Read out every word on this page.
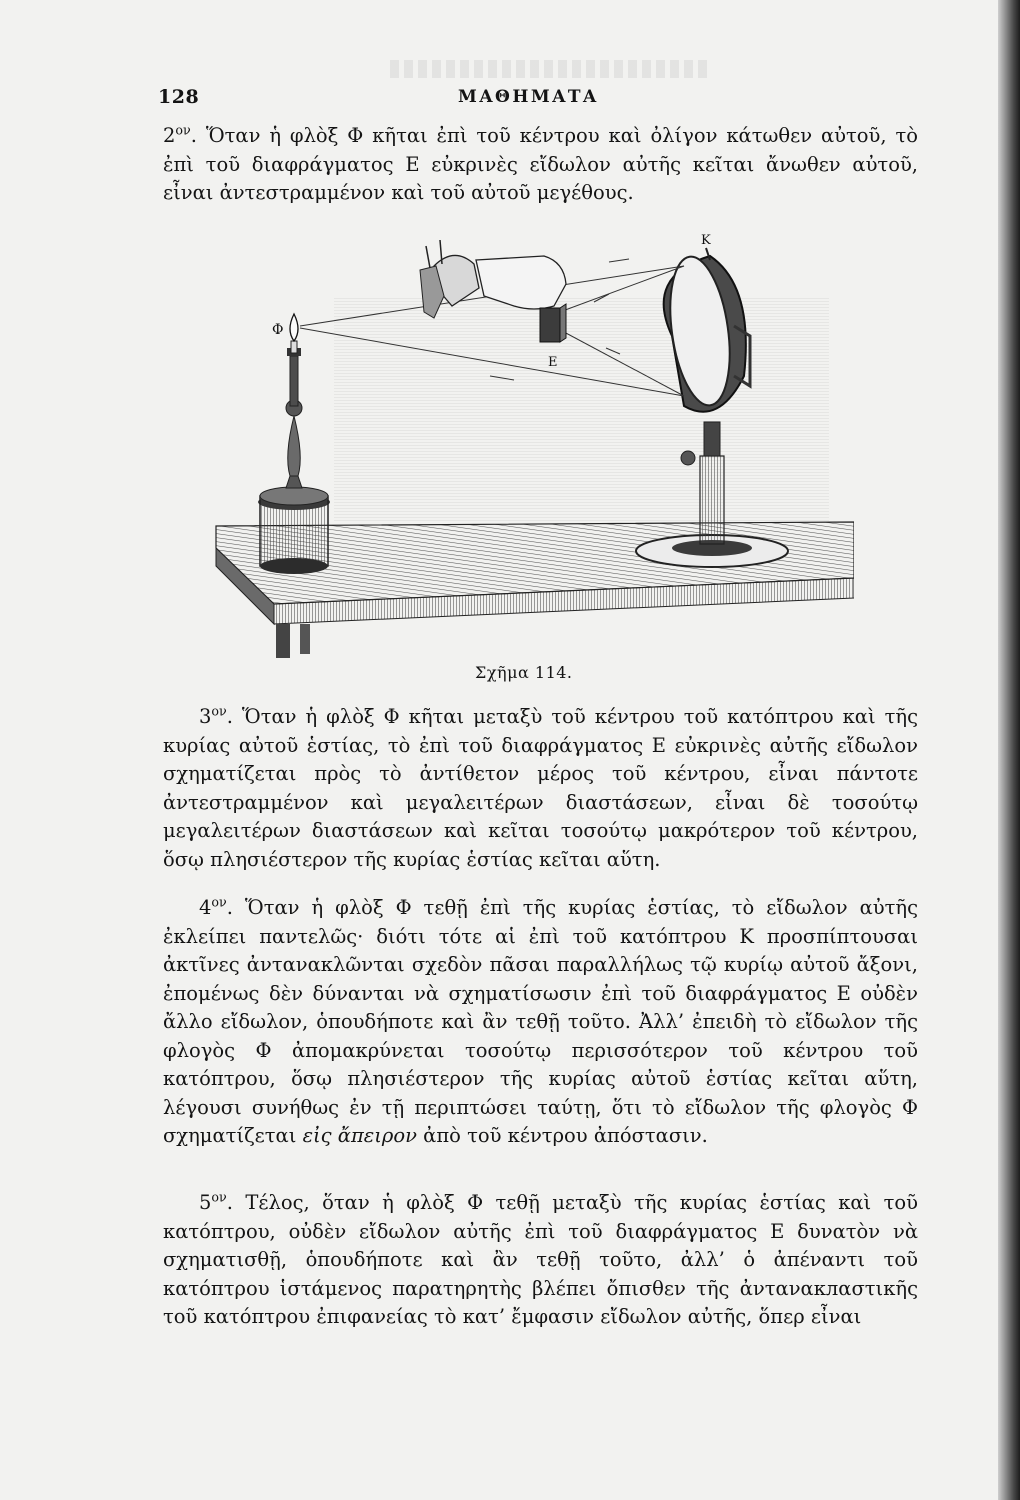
128	ΜΑΘΗΜΑΤΑ

$2^{o\nu}$. Ὅταν ἡ φλὸξ Φ κῆται ἐπὶ τοῦ κέντρου καὶ ὀλίγον κάτωθεν αὐτοῦ, τὸ ἐπὶ τοῦ διαφράγματος Ε εὐκρινὲς εἴδωλον αὐτῆς κεῖται ἄνωθεν αὐτοῦ, εἶναι ἀντεστραμμένον καὶ τοῦ αὐτοῦ μεγέθους.

Φ
K
E
Σχῆμα 114.

$3^{o\nu}$. Ὅταν ἡ φλὸξ Φ κῆται μεταξὺ τοῦ κέντρου τοῦ κατόπτρου καὶ τῆς κυρίας αὐτοῦ ἑστίας, τὸ ἐπὶ τοῦ διαφράγματος Ε εὐκρινὲς αὐτῆς εἴδωλον σχηματίζεται πρὸς τὸ ἀντίθετον μέρος τοῦ κέντρου, εἶναι πάντοτε ἀντεστραμμένον καὶ μεγαλειτέρων διαστάσεων, εἶναι δὲ τοσούτῳ μεγαλειτέρων διαστάσεων καὶ κεῖται τοσούτῳ μακρότερον τοῦ κέντρου, ὅσῳ πλησιέστερον τῆς κυρίας ἑστίας κεῖται αὕτη.

$4^{o\nu}$. Ὅταν ἡ φλὸξ Φ τεθῇ ἐπὶ τῆς κυρίας ἑστίας, τὸ εἴδωλον αὐτῆς ἐκλείπει παντελῶς· διότι τότε αἱ ἐπὶ τοῦ κατόπτρου Κ προσπίπτουσαι ἀκτῖνες ἀντανακλῶνται σχεδὸν πᾶσαι παραλλήλως τῷ κυρίῳ αὐτοῦ ἄξονι, ἐπομένως δὲν δύνανται νὰ σχηματίσωσιν ἐπὶ τοῦ διαφράγματος Ε οὐδὲν ἄλλο εἴδωλον, ὁπουδήποτε καὶ ἂν τεθῇ τοῦτο. Ἀλλ’ ἐπειδὴ τὸ εἴδωλον τῆς φλογὸς Φ ἀπομακρύνεται τοσούτῳ περισσότερον τοῦ κέντρου τοῦ κατόπτρου, ὅσῳ πλησιέστερον τῆς κυρίας αὐτοῦ ἑστίας κεῖται αὕτη, λέγουσι συνήθως ἐν τῇ περιπτώσει ταύτῃ, ὅτι τὸ εἴδωλον τῆς φλογὸς Φ σχηματίζεται εἰς ἄπειρον ἀπὸ τοῦ κέντρου ἀπόστασιν.

$5^{o\nu}$. Τέλος, ὅταν ἡ φλὸξ Φ τεθῇ μεταξὺ τῆς κυρίας ἑστίας καὶ τοῦ κατόπτρου, οὐδὲν εἴδωλον αὐτῆς ἐπὶ τοῦ διαφράγματος Ε δυνατὸν νὰ σχηματισθῇ, ὁπουδήποτε καὶ ἂν τεθῇ τοῦτο, ἀλλ’ ὁ ἀπέναντι τοῦ κατόπτρου ἱστάμενος παρατηρητὴς βλέπει ὄπισθεν τῆς ἀνταναклαστικῆς τοῦ κατόπτρου ἐπιφανείας τὸ κατ’ ἔμφασιν εἴδωλον αὐτῆς, ὅπερ εἶναι
